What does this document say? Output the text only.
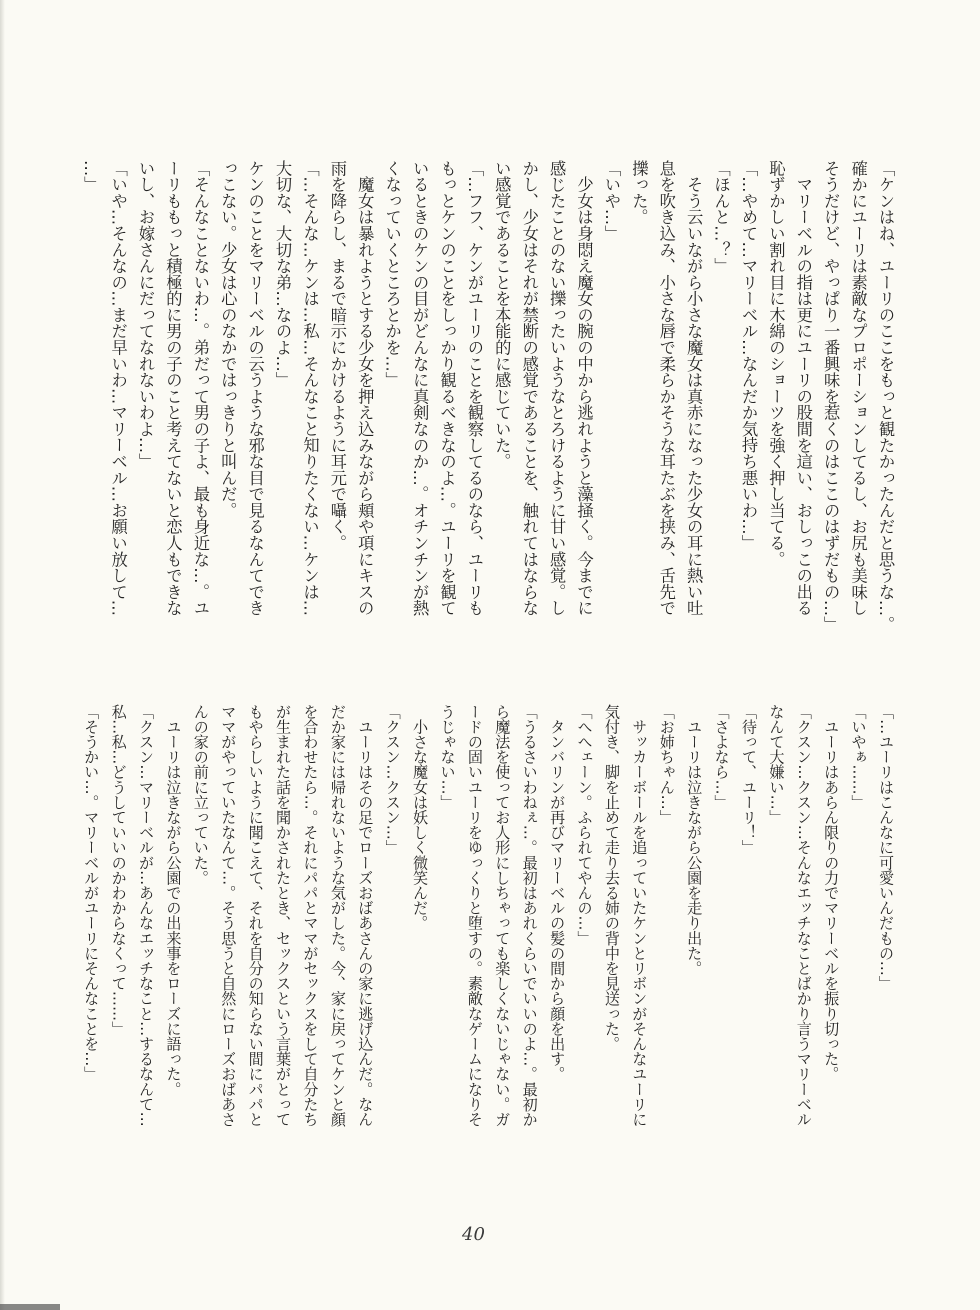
「ケンはね、ユーリのここをもっと観たかったんだと思うな…。
確かにユーリは素敵なプロポーションしてるし、お尻も美味し
そうだけど、やっぱり一番興味を惹くのはここのはずだもの…」
　マリーベルの指は更にユーリの股間を這い、おしっこの出る
恥ずかしい割れ目に木綿のショーツを強く押し当てる。
「…やめて…マリーベル…なんだか気持ち悪いわ…」
「ほんと…？」
　そう云いながら小さな魔女は真赤になった少女の耳に熱い吐
息を吹き込み、小さな唇で柔らかそうな耳たぶを挟み、舌先で
擽った。
「いや…」
　少女は身悶え魔女の腕の中から逃れようと藻掻く。今までに
感じたことのない擽ったいようなとろけるように甘い感覚。し
かし、少女はそれが禁断の感覚であることを、触れてはならな
い感覚であることを本能的に感じていた。
「…フフ、ケンがユーリのことを観察してるのなら、ユーリも
もっとケンのことをしっかり観るべきなのよ…。ユーリを観て
いるときのケンの目がどんなに真剣なのか…。オチンチンが熱
くなっていくところとかを…」
　魔女は暴れようとする少女を押え込みながら頬や項にキスの
雨を降らし、まるで暗示にかけるように耳元で囁く。
「…そんな…ケンは…私…そんなこと知りたくない…ケンは…
大切な、大切な弟…なのよ…」
ケンのことをマリーベルの云うような邪な目で見るなんてでき
っこない。少女は心のなかではっきりと叫んだ。
「そんなことないわ…。弟だって男の子よ、最も身近な…。ユ
ーリももっと積極的に男の子のこと考えてないと恋人もできな
いし、お嫁さんにだってなれないわよ…」
「いや…そんなの…まだ早いわ…マリーベル…お願い放して…
…」
「…ユーリはこんなに可愛いんだもの…」
「いやぁ……」
　ユーリはあらん限りの力でマリーベルを振り切った。
「クスン…クスン…そんなエッチなことばかり言うマリーベル
なんて大嫌い…」
「待って、ユーリ！」
「さよなら…」
　ユーリは泣きながら公園を走り出た。
「お姉ちゃん…」
　サッカーボールを追っていたケンとリボンがそんなユーリに
気付き、脚を止めて走り去る姉の背中を見送った。
「へへェーン。ふられてやんの…」
　タンバリンが再びマリーベルの髪の間から顔を出す。
「うるさいわねぇ…。最初はあれくらいでいいのよ…。最初か
ら魔法を使ってお人形にしちゃっても楽しくないじゃない。ガ
ードの固いユーリをゆっくりと堕すの。素敵なゲームになりそ
うじゃない…」
　小さな魔女は妖しく微笑んだ。
「クスン…クスン…」
　ユーリはその足でローズおばあさんの家に逃げ込んだ。なん
だか家には帰れないような気がした。今、家に戻ってケンと顔
を合わせたら…。それにパパとママがセックスをして自分たち
が生まれた話を聞かされたとき、セックスという言葉がとって
もやらしいように聞こえて、それを自分の知らない間にパパと
ママがやっていたなんて…。そう思うと自然にローズおばあさ
んの家の前に立っていた。
　ユーリは泣きながら公園での出来事をローズに語った。
「クスン…マリーベルが…あんなエッチなこと…するなんて…
私…私…どうしていいのかわからなくって……」
「そうかい…。マリーベルがユーリにそんなことを…」
40
